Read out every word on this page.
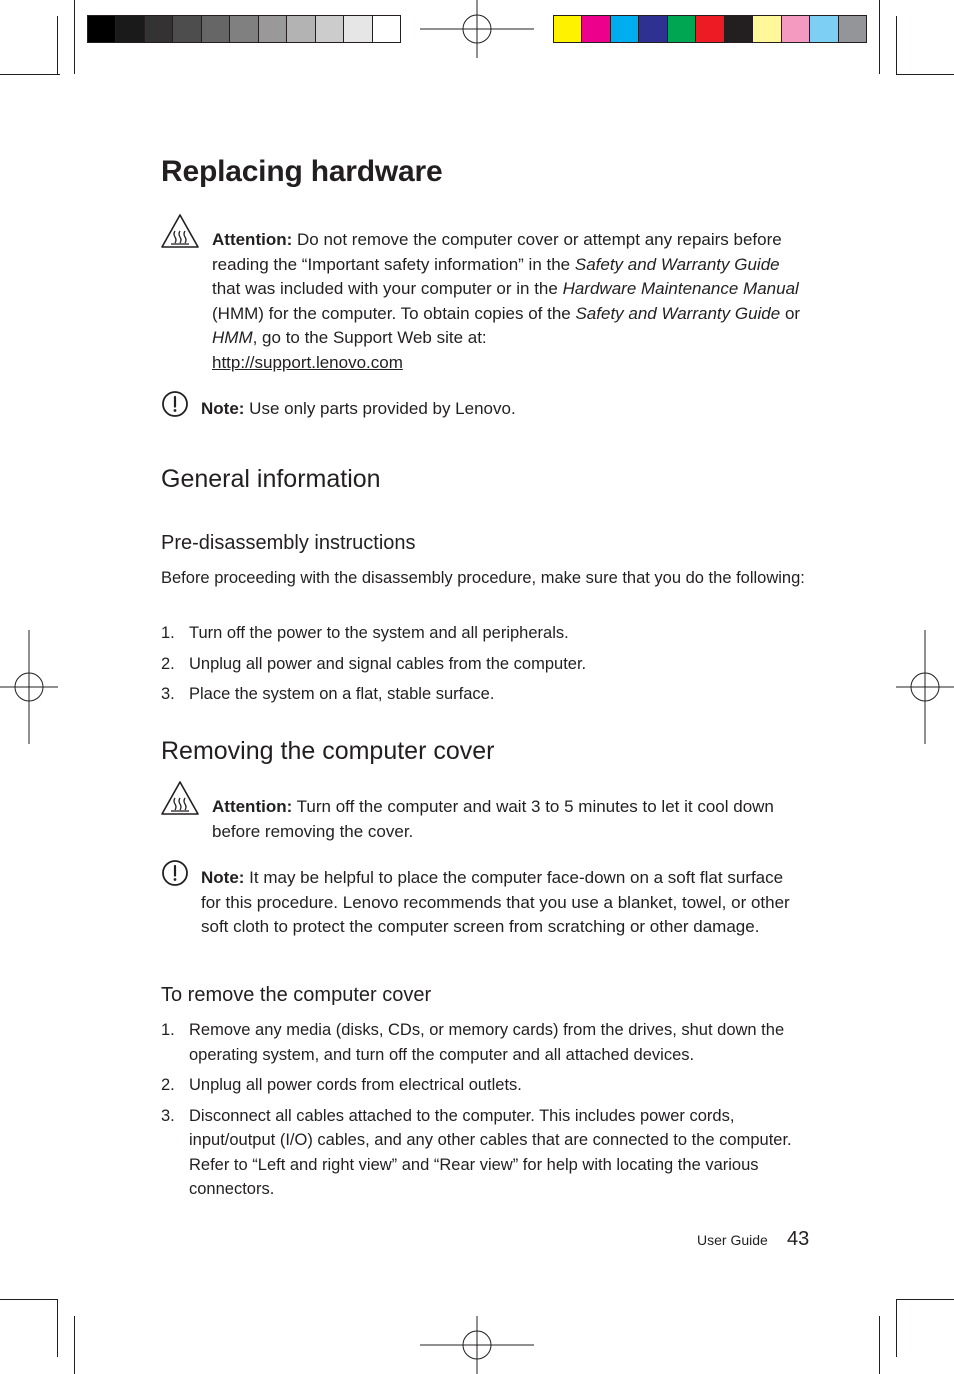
Replacing hardware
Attention: Do not remove the computer cover or attempt any repairs before reading the “Important safety information” in the Safety and Warranty Guide that was included with your computer or in the Hardware Maintenance Manual (HMM) for the computer. To obtain copies of the Safety and Warranty Guide or HMM, go to the Support Web site at:
http://support.lenovo.com
Note: Use only parts provided by Lenovo.
General information
Pre-disassembly instructions
Before proceeding with the disassembly procedure, make sure that you do the following:
1. Turn off the power to the system and all peripherals.
2. Unplug all power and signal cables from the computer.
3. Place the system on a flat, stable surface.
Removing the computer cover
Attention: Turn off the computer and wait 3 to 5 minutes to let it cool down before removing the cover.
Note: It may be helpful to place the computer face-down on a soft flat surface for this procedure. Lenovo recommends that you use a blanket, towel, or other soft cloth to protect the computer screen from scratching or other damage.
To remove the computer cover
1. Remove any media (disks, CDs, or memory cards) from the drives, shut down the operating system, and turn off the computer and all attached devices.
2. Unplug all power cords from electrical outlets.
3. Disconnect all cables attached to the computer. This includes power cords, input/output (I/O) cables, and any other cables that are connected to the computer. Refer to “Left and right view” and “Rear view” for help with locating the various connectors.
User Guide 43
